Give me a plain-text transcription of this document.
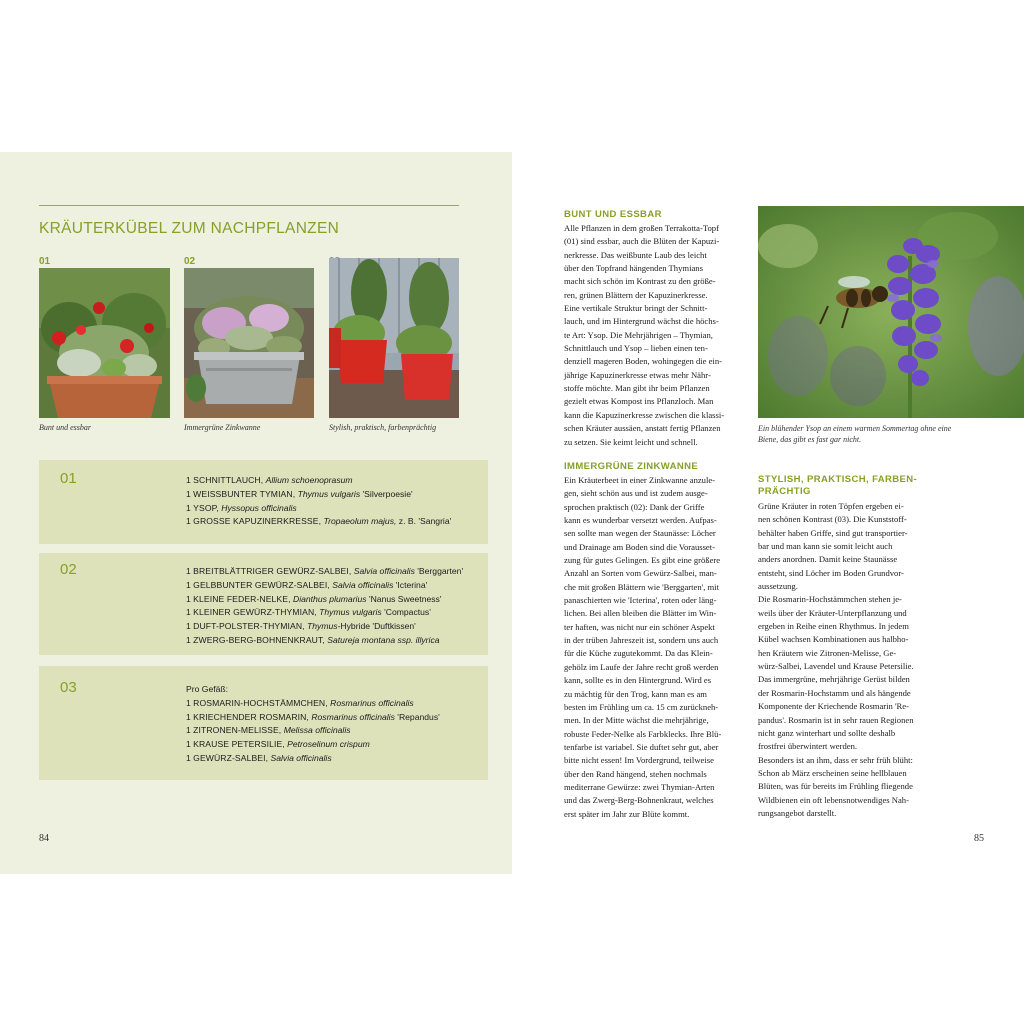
KRÄUTERKÜBEL ZUM NACHPFLANZEN
01	02
Bunt und essbar	Immergrüne Zinkwanne	Stylish, praktisch, farbenprächtig
01	1 SCHNITTLAUCH, Allium schoenoprasum
1 WEISSBUNTER TYMIAN, Thymus vulgaris 'Silverpoesie'
1 YSOP, Hyssopus officinalis
1 GROSSE KAPUZINERKRESSE, Tropaeolum majus, z. B. 'Sangria'
02	1 BREITBLÄTTRIGER GEWÜRZ-SALBEI, Salvia officinalis 'Berggarten'
1 GELBBUNTER GEWÜRZ-SALBEI, Salvia officinalis 'Icterina'
1 KLEINE FEDER-NELKE, Dianthus plumarius 'Nanus Sweetness'
1 KLEINER GEWÜRZ-THYMIAN, Thymus vulgaris 'Compactus'
1 DUFT-POLSTER-THYMIAN, Thymus-Hybride 'Duftkissen'
1 ZWERG-BERG-BOHNENKRAUT, Satureja montana ssp. illyrica
03	Pro Gefäß:
1 ROSMARIN-HOCHSTÄMMCHEN, Rosmarinus officinalis
1 KRIECHENDER ROSMARIN, Rosmarinus officinalis 'Repandus'
1 ZITRONEN-MELISSE, Melissa officinalis
1 KRAUSE PETERSILIE, Petroselinum crispum
1 GEWÜRZ-SALBEI, Salvia officinalis
84
BUNT UND ESSBAR
Alle Pflanzen in dem großen Terrakotta-Topf
(01) sind essbar, auch die Blüten der Kapuzi-
nerkresse. Das weißbunte Laub des leicht
über den Topfrand hängenden Thymians
macht sich schön im Kontrast zu den größe-
ren, grünen Blättern der Kapuzinerkresse.
Eine vertikale Struktur bringt der Schnitt-
lauch, und im Hintergrund wächst die höchs-
te Art: Ysop. Die Mehrjährigen – Thymian,
Schnittlauch und Ysop – lieben einen ten-
denziell mageren Boden, wohingegen die ein-
jährige Kapuzinerkresse etwas mehr Nähr-
stoffe möchte. Man gibt ihr beim Pflanzen
gezielt etwas Kompost ins Pflanzloch. Man
kann die Kapuzinerkresse zwischen die klassi-
schen Kräuter aussäen, anstatt fertig Pflanzen
zu setzen. Sie keimt leicht und schnell.
IMMERGRÜNE ZINKWANNE
Ein Kräuterbeet in einer Zinkwanne anzule-
gen, sieht schön aus und ist zudem ausge-
sprochen praktisch (02): Dank der Griffe
kann es wunderbar versetzt werden. Aufpas-
sen sollte man wegen der Staunässe: Löcher
und Drainage am Boden sind die Vorausset-
zung für gutes Gelingen. Es gibt eine größere
Anzahl an Sorten vom Gewürz-Salbei, man-
che mit großen Blättern wie 'Berggarten', mit
panaschierten wie 'Icterina', roten oder läng-
lichen. Bei allen bleiben die Blätter im Win-
ter haften, was nicht nur ein schöner Aspekt
in der trüben Jahreszeit ist, sondern uns auch
für die Küche zugutekommt. Da das Klein-
gehölz im Laufe der Jahre recht groß werden
kann, sollte es in den Hintergrund. Wird es
zu mächtig für den Trog, kann man es am
besten im Frühling um ca. 15 cm zurückneh-
men. In der Mitte wächst die mehrjährige,
robuste Feder-Nelke als Farbklecks. Ihre Blü-
tenfarbe ist variabel. Sie duftet sehr gut, aber
bitte nicht essen! Im Vordergrund, teilweise
über den Rand hängend, stehen nochmals
mediterrane Gewürze: zwei Thymian-Arten
und das Zwerg-Berg-Bohnenkraut, welches
erst später im Jahr zur Blüte kommt.
Ein blühender Ysop an einem warmen Sommertag ohne eine
Biene, das gibt es fast gar nicht.
STYLISH, PRAKTISCH, FARBEN-
PRÄCHTIG
Grüne Kräuter in roten Töpfen ergeben ei-
nen schönen Kontrast (03). Die Kunststoff-
behälter haben Griffe, sind gut transportier-
bar und man kann sie somit leicht auch
anders anordnen. Damit keine Staunässe
entsteht, sind Löcher im Boden Grundvor-
aussetzung.
Die Rosmarin-Hochstämmchen stehen je-
weils über der Kräuter-Unterpflanzung und
ergeben in Reihe einen Rhythmus. In jedem
Kübel wachsen Kombinationen aus halbho-
hen Kräutern wie Zitronen-Melisse, Ge-
würz-Salbei, Lavendel und Krause Petersilie.
Das immergrüne, mehrjährige Gerüst bilden
der Rosmarin-Hochstamm und als hängende
Komponente der Kriechende Rosmarin 'Re-
pandus'. Rosmarin ist in sehr rauen Regionen
nicht ganz winterhart und sollte deshalb
frostfrei überwintert werden.
Besonders ist an ihm, dass er sehr früh blüht:
Schon ab März erscheinen seine hellblauen
Blüten, was für bereits im Frühling fliegende
Wildbienen ein oft lebensnotwendiges Nah-
rungsangebot darstellt.
85
